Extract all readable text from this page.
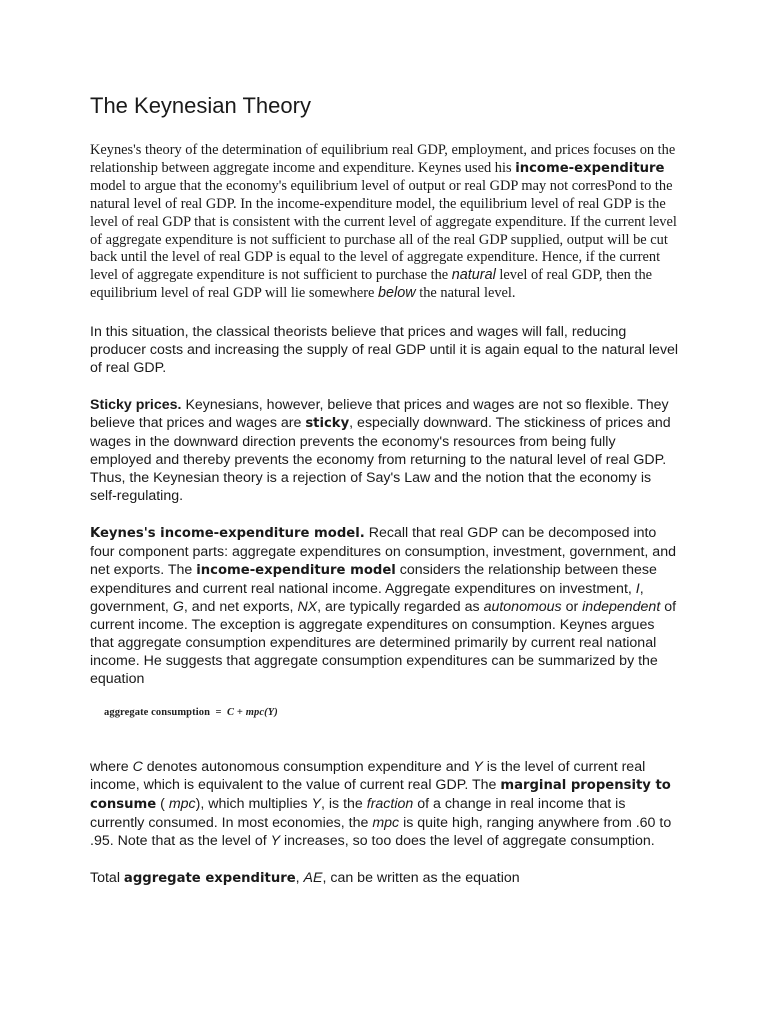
The Keynesian Theory

Keynes's theory of the determination of equilibrium real GDP, employment, and prices focuses on the relationship between aggregate income and expenditure. Keynes used his income-expenditure model to argue that the economy's equilibrium level of output or real GDP may not corresPond to the natural level of real GDP. In the income-expenditure model, the equilibrium level of real GDP is the level of real GDP that is consistent with the current level of aggregate expenditure. If the current level of aggregate expenditure is not sufficient to purchase all of the real GDP supplied, output will be cut back until the level of real GDP is equal to the level of aggregate expenditure. Hence, if the current level of aggregate expenditure is not sufficient to purchase the natural level of real GDP, then the equilibrium level of real GDP will lie somewhere below the natural level.

In this situation, the classical theorists believe that prices and wages will fall, reducing producer costs and increasing the supply of real GDP until it is again equal to the natural level of real GDP.

Sticky prices. Keynesians, however, believe that prices and wages are not so flexible. They believe that prices and wages are sticky, especially downward. The stickiness of prices and wages in the downward direction prevents the economy's resources from being fully employed and thereby prevents the economy from returning to the natural level of real GDP. Thus, the Keynesian theory is a rejection of Say's Law and the notion that the economy is self-regulating.

Keynes's income-expenditure model. Recall that real GDP can be decomposed into four component parts: aggregate expenditures on consumption, investment, government, and net exports. The income-expenditure model considers the relationship between these expenditures and current real national income. Aggregate expenditures on investment, I, government, G, and net exports, NX, are typically regarded as autonomous or independent of current income. The exception is aggregate expenditures on consumption. Keynes argues that aggregate consumption expenditures are determined primarily by current real national income. He suggests that aggregate consumption expenditures can be summarized by the equation

aggregate consumption = C + mpc(Y)

where C denotes autonomous consumption expenditure and Y is the level of current real income, which is equivalent to the value of current real GDP. The marginal propensity to consume ( mpc), which multiplies Y, is the fraction of a change in real income that is currently consumed. In most economies, the mpc is quite high, ranging anywhere from .60 to .95. Note that as the level of Y increases, so too does the level of aggregate consumption.

Total aggregate expenditure, AE, can be written as the equation
